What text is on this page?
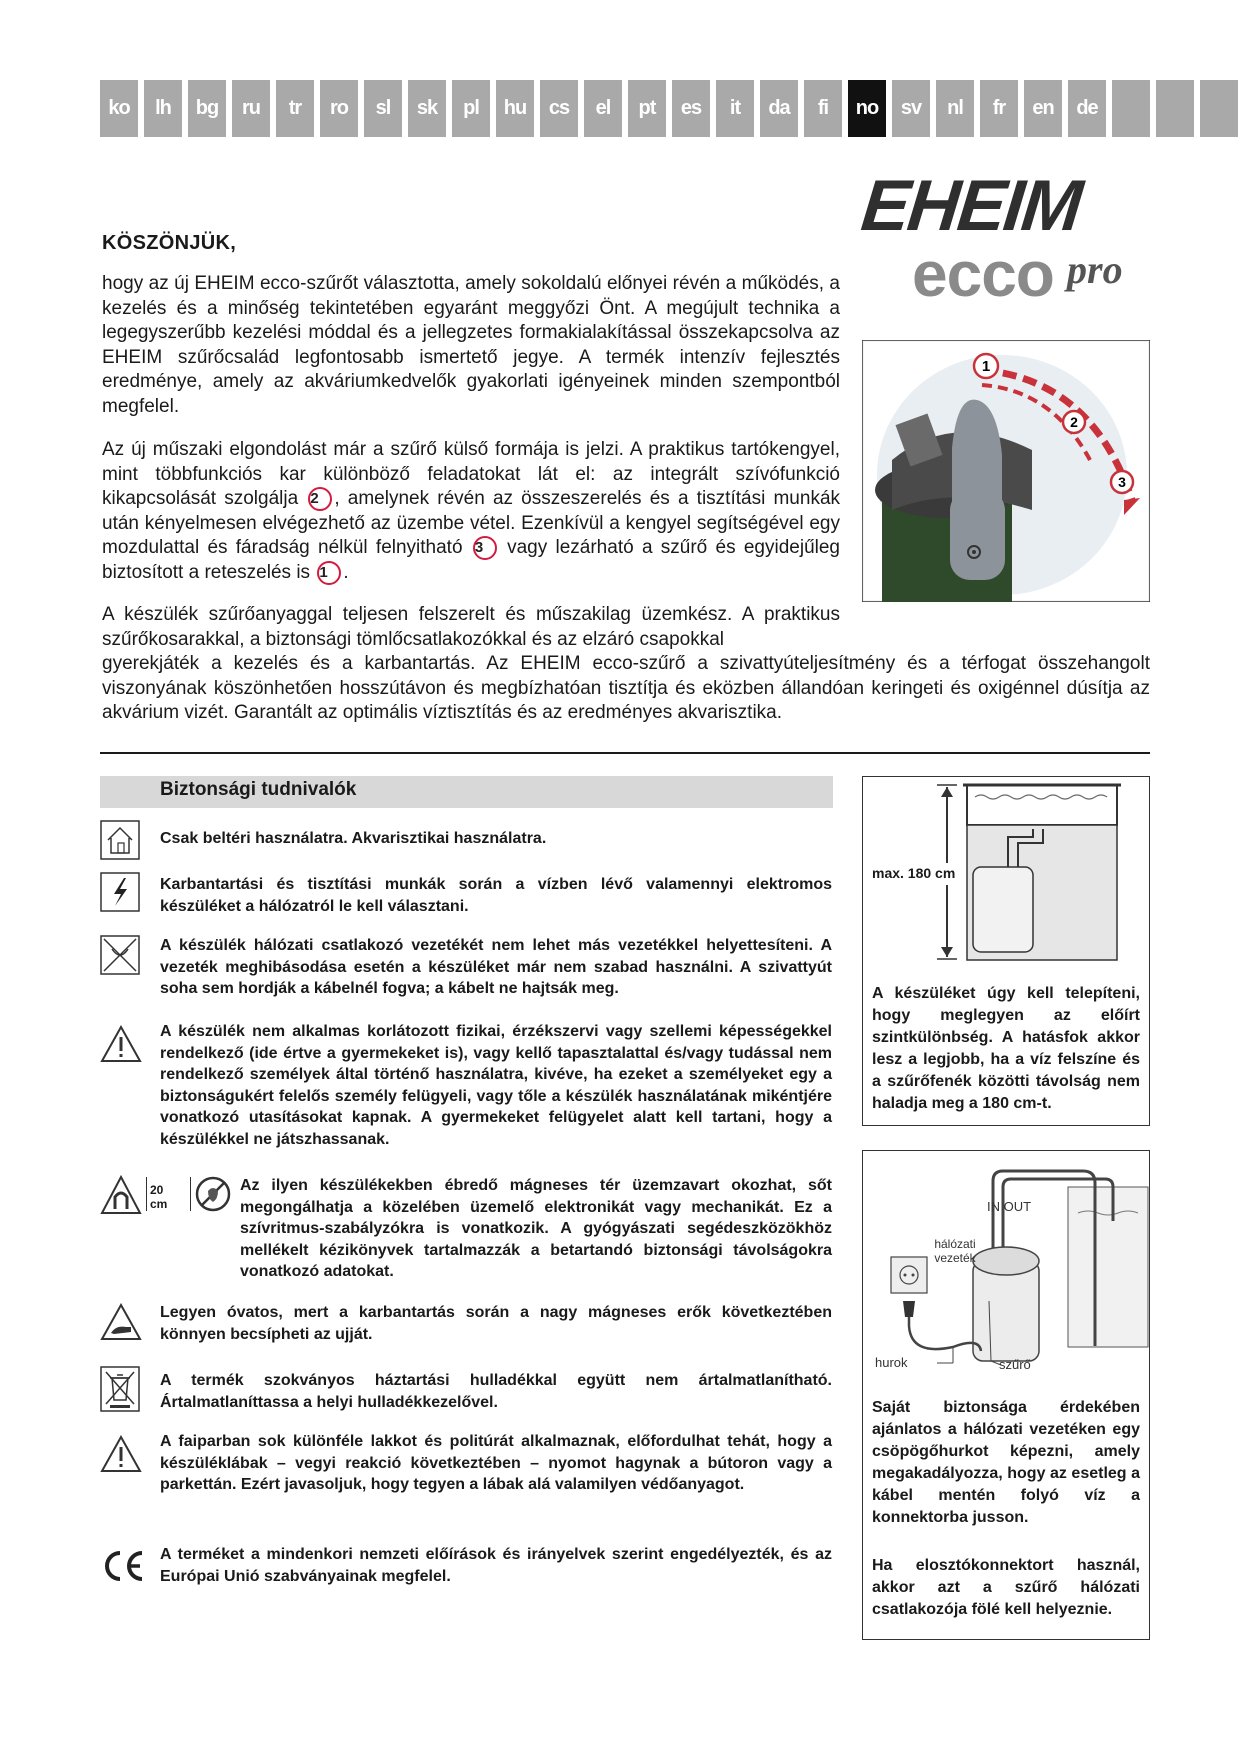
ko	lh	bg	ru	tr	ro	sl	sk	pl	hu	cs	el	pt	es	it	da	fi	no	sv	nl	fr	en	de
EHEIM
ecco pro
KÖSZÖNJÜK,
hogy az új EHEIM ecco-szűrőt választotta, amely sokoldalú előnyei révén a működés, a kezelés és a minőség tekintetében egyaránt meggyőzi Önt. A megújult technika a legegyszerűbb kezelési móddal és a jellegzetes formakialakítással összekapcsolva az EHEIM szűrőcsalád legfontosabb ismertető jegye. A termék intenzív fejlesztés eredménye, amely az akváriumkedvelők gyakorlati igényeinek minden szempontból megfelel.
Az új műszaki elgondolást már a szűrő külső formája is jelzi. A praktikus tartókengyel, mint többfunkciós kar különböző feladatokat lát el: az integrált szívófunkció kikapcsolását szolgálja 2 , amelynek révén az összeszerelés és a tisztítási munkák után kényelmesen elvégezhető az üzembe vétel. Ezenkívül a kengyel segítségével egy mozdulattal és fáradság nélkül felnyitható 3 vagy lezárható a szűrő és egyidejűleg biztosított a reteszelés is 1 .
A készülék szűrőanyaggal teljesen felszerelt és műszakilag üzemkész. A praktikus szűrőkosarakkal, a biztonsági tömlőcsatlakozókkal és az elzáró csapokkal
gyerekjáték a kezelés és a karbantartás. Az EHEIM ecco-szűrő a szivattyúteljesítmény és a térfogat összehangolt viszonyának köszönhetően hosszútávon és megbízhatóan tisztítja és eközben állandóan keringeti és oxigénnel dúsítja az akvárium vizét. Garantált az optimális víztisztítás és az eredményes akvarisztika.
1
2
3
Biztonsági tudnivalók
Csak beltéri használatra. Akvarisztikai használatra.
Karbantartási és tisztítási munkák során a vízben lévő valamennyi elektromos készüléket a hálózatról le kell választani.
A készülék hálózati csatlakozó vezetékét nem lehet más vezetékkel helyettesíteni. A vezeték meghibásodása esetén a készüléket már nem szabad használni. A szivattyút soha sem hordják a kábelnél fogva; a kábelt ne hajtsák meg.
A készülék nem alkalmas korlátozott fizikai, érzékszervi vagy szellemi képességekkel rendelkező (ide értve a gyermekeket is), vagy kellő tapasztalattal és/vagy tudással nem rendelkező személyek által történő használatra, kivéve, ha ezeket a személyeket egy a biztonságukért felelős személy felügyeli, vagy tőle a készülék használatának mikéntjére vonatkozó utasításokat kapnak. A gyermekeket felügyelet alatt kell tartani, hogy a készülékkel ne játszhassanak.
20 cm
Az ilyen készülékekben ébredő mágneses tér üzemzavart okozhat, sőt megongálhatja a közelében üzemelő elektronikát vagy mechanikát. Ez a szívritmus-szabályzókra is vonatkozik. A gyógyászati segédeszközökhöz mellékelt kézikönyvek tartalmazzák a betartandó biztonsági távolságokra vonatkozó adatokat.
Legyen óvatos, mert a karbantartás során a nagy mágneses erők következtében könnyen becsípheti az ujját.
A termék szokványos háztartási hulladékkal együtt nem ártalmatlanítható. Ártalmatlaníttassa a helyi hulladékkezelővel.
A faiparban sok különféle lakkot és politúrát alkalmaznak, előfordulhat tehát, hogy a készüléklábak – vegyi reakció következtében – nyomot hagynak a bútoron vagy a parkettán. Ezért javasoljuk, hogy tegyen a lábak alá valamilyen védőanyagot.
A terméket a mindenkori nemzeti előírások és irányelvek szerint engedélyezték, és az Európai Unió szabványainak megfelel.
max. 180 cm
A készüléket úgy kell telepíteni, hogy meglegyen az előírt szintkülönbség. A hatásfok akkor lesz a legjobb, ha a víz felszíne és a szűrőfenék közötti távolság nem haladja meg a 180 cm-t.
IN OUT
hálózati vezeték
hurok	szűrő
Saját biztonsága érdekében ajánlatos a hálózati vezetéken egy csöpögőhurkot képezni, amely megakadályozza, hogy az esetleg a kábel mentén folyó víz a konnektorba jusson.
Ha elosztókonnektort használ, akkor azt a szűrő hálózati csatlakozója fölé kell helyeznie.
